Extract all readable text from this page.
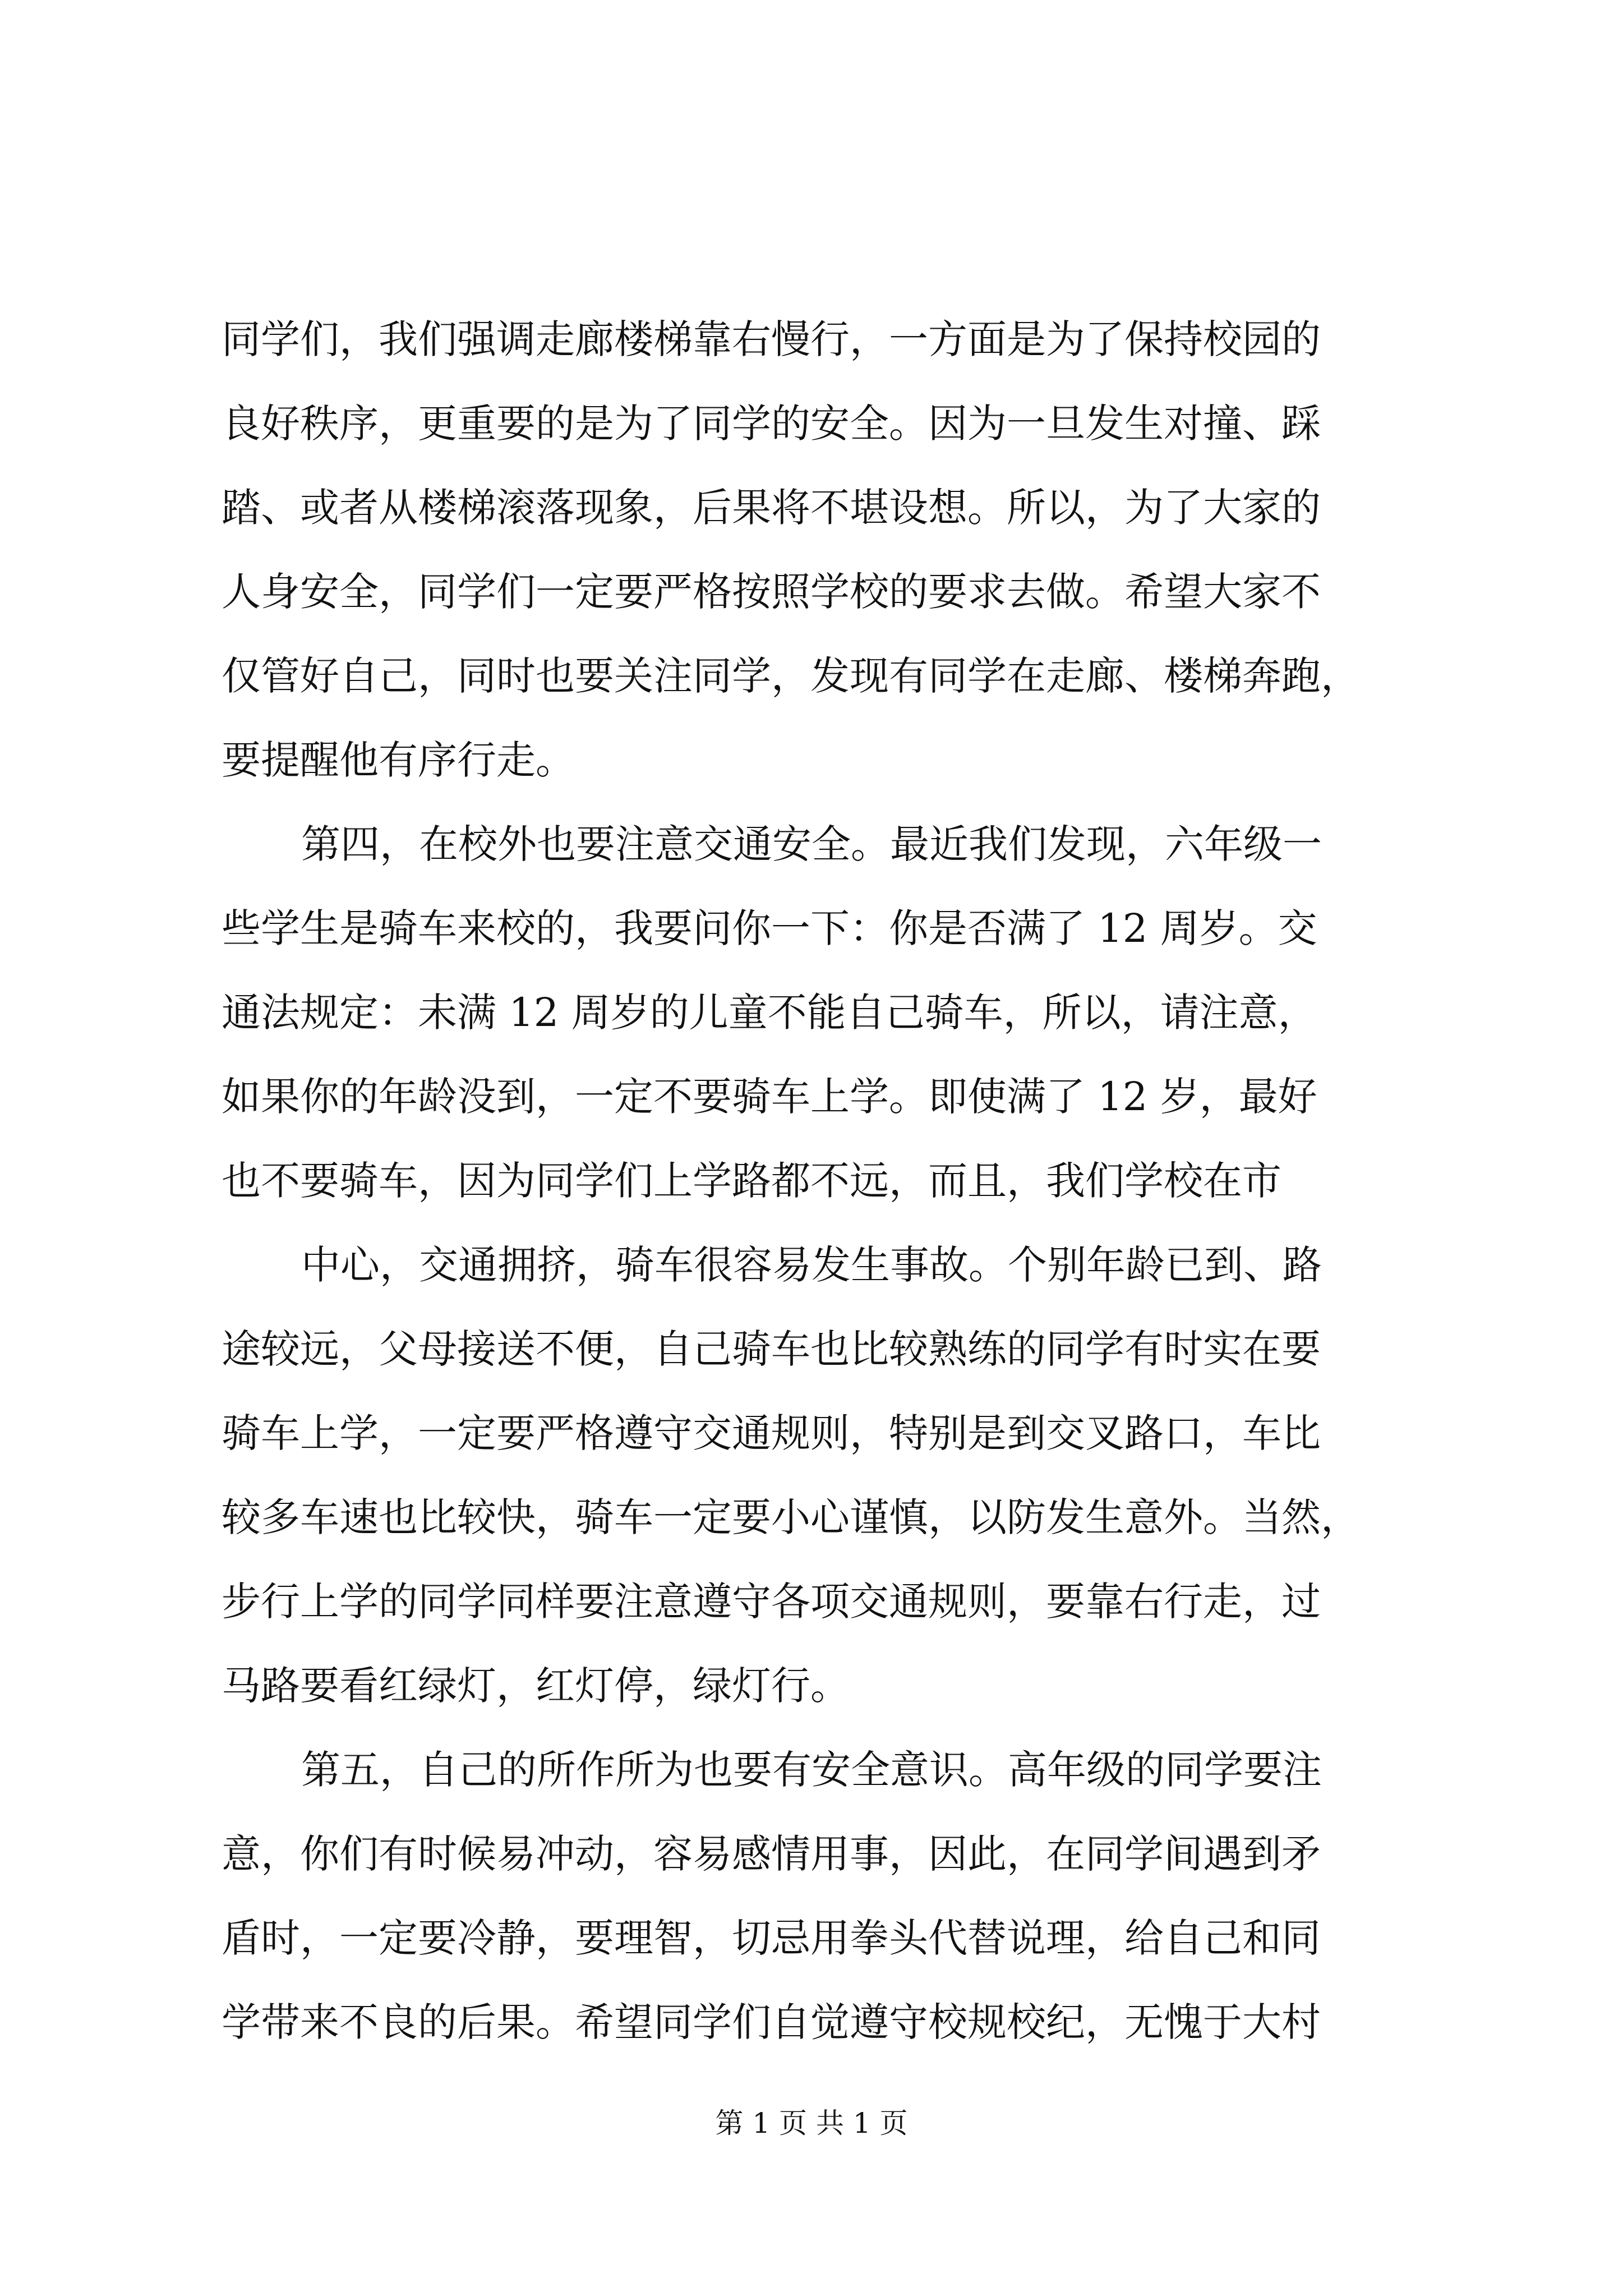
同学们，我们强调走廊楼梯靠右慢行，一方面是为了保持校园的
良好秩序，更重要的是为了同学的安全。因为一旦发生对撞、踩
踏、或者从楼梯滚落现象，后果将不堪设想。所以，为了大家的
人身安全，同学们一定要严格按照学校的要求去做。希望大家不
仅管好自己，同时也要关注同学，发现有同学在走廊、楼梯奔跑，
要提醒他有序行走。
第四，在校外也要注意交通安全。最近我们发现，六年级一
些学生是骑车来校的，我要问你一下：你是否满了 12 周岁。交
通法规定：未满 12 周岁的儿童不能自己骑车，所以，请注意，
如果你的年龄没到，一定不要骑车上学。即使满了 12 岁，最好
也不要骑车，因为同学们上学路都不远，而且，我们学校在市
中心，交通拥挤，骑车很容易发生事故。个别年龄已到、路
途较远，父母接送不便，自己骑车也比较熟练的同学有时实在要
骑车上学，一定要严格遵守交通规则，特别是到交叉路口，车比
较多车速也比较快，骑车一定要小心谨慎，以防发生意外。当然，
步行上学的同学同样要注意遵守各项交通规则，要靠右行走，过
马路要看红绿灯，红灯停，绿灯行。
第五，自己的所作所为也要有安全意识。高年级的同学要注
意，你们有时候易冲动，容易感情用事，因此，在同学间遇到矛
盾时，一定要冷静，要理智，切忌用拳头代替说理，给自己和同
学带来不良的后果。希望同学们自觉遵守校规校纪，无愧于大村
第 1 页 共 1 页
